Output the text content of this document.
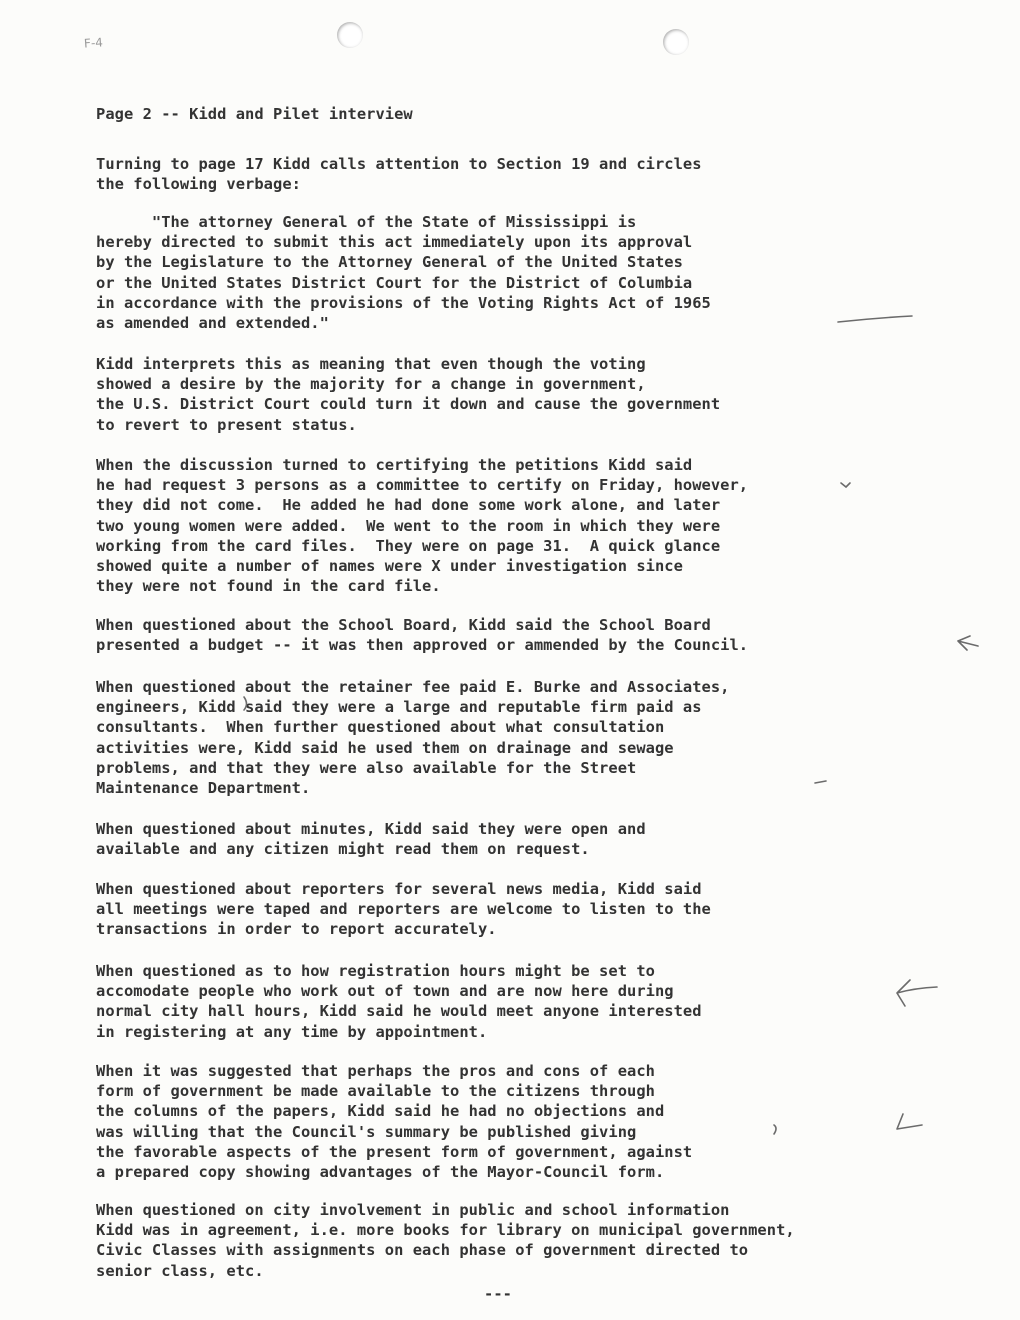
F-4
Page 2 -- Kidd and Pilet interview
Turning to page 17 Kidd calls attention to Section 19 and circles
the following verbage:
"The attorney General of the State of Mississippi is
hereby directed to submit this act immediately upon its approval
by the Legislature to the Attorney General of the United States
or the United States District Court for the District of Columbia
in accordance with the provisions of the Voting Rights Act of 1965
as amended and extended."
Kidd interprets this as meaning that even though the voting
showed a desire by the majority for a change in government,
the U.S. District Court could turn it down and cause the government
to revert to present status.
When the discussion turned to certifying the petitions Kidd said
he had request 3 persons as a committee to certify on Friday, however,
they did not come.  He added he had done some work alone, and later
two young women were added.  We went to the room in which they were
working from the card files.  They were on page 31.  A quick glance
showed quite a number of names were X under investigation since
they were not found in the card file.
When questioned about the School Board, Kidd said the School Board
presented a budget -- it was then approved or ammended by the Council.
When questioned about the retainer fee paid E. Burke and Associates,
engineers, Kidd said they were a large and reputable firm paid as
consultants.  When further questioned about what consultation
activities were, Kidd said he used them on drainage and sewage
problems, and that they were also available for the Street
Maintenance Department.
When questioned about minutes, Kidd said they were open and
available and any citizen might read them on request.
When questioned about reporters for several news media, Kidd said
all meetings were taped and reporters are welcome to listen to the
transactions in order to report accurately.
When questioned as to how registration hours might be set to
accomodate people who work out of town and are now here during
normal city hall hours, Kidd said he would meet anyone interested
in registering at any time by appointment.
When it was suggested that perhaps the pros and cons of each
form of government be made available to the citizens through
the columns of the papers, Kidd said he had no objections and
was willing that the Council's summary be published giving
the favorable aspects of the present form of government, against
a prepared copy showing advantages of the Mayor-Council form.
When questioned on city involvement in public and school information
Kidd was in agreement, i.e. more books for library on municipal government,
Civic Classes with assignments on each phase of government directed to
senior class, etc.
---
